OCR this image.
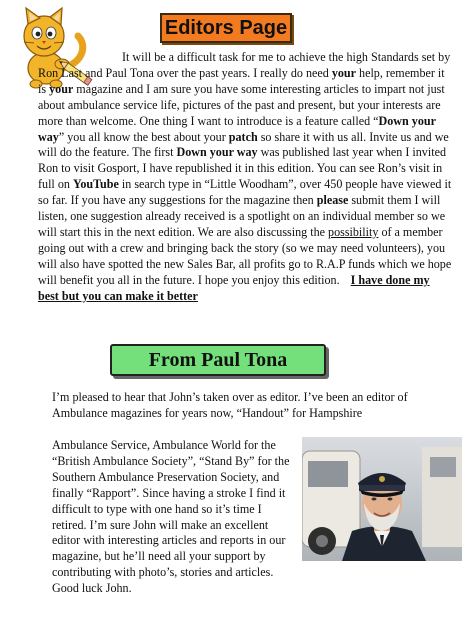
Editors Page

It will be a difficult task for me to achieve the high Standards set by Ron Last and Paul Tona over the past years. I really do need your help, remember it is your magazine and I am sure you have some interesting articles to impart not just about ambulance service life, pictures of the past and present, but your interests are more than welcome. One thing I want to introduce is a feature called “Down your way” you all know the best about your patch so share it with us all. Invite us and we will do the feature. The first Down your way was published last year when I invited Ron to visit Gosport, I have republished it in this edition. You can see Ron’s visit in full on YouTube in search type in “Little Woodham”, over 450 people have viewed it so far. If you have any suggestions for the magazine then please submit them I will listen, one suggestion already received is a spotlight on an individual member so we will start this in the next edition. We are also discussing the possibility of a member going out with a crew and bringing back the story (so we may need volunteers), you will also have spotted the new Sales Bar, all profits go to R.A.P funds which we hope will benefit you all in the future. I hope you enjoy this edition. I have done my best but you can make it better

From Paul Tona

I’m pleased to hear that John’s taken over as editor. I’ve been an editor of Ambulance magazines for years now, “Handout” for Hampshire

Ambulance Service, Ambulance World for the “British Ambulance Society”, “Stand By” for the Southern Ambulance Preservation Society, and finally “Rapport”. Since having a stroke I find it difficult to type with one hand so it’s time I retired. I’m sure John will make an excellent editor with interesting articles and reports in our magazine, but he’ll need all your support by contributing with photo’s, stories and articles. Good luck John.
